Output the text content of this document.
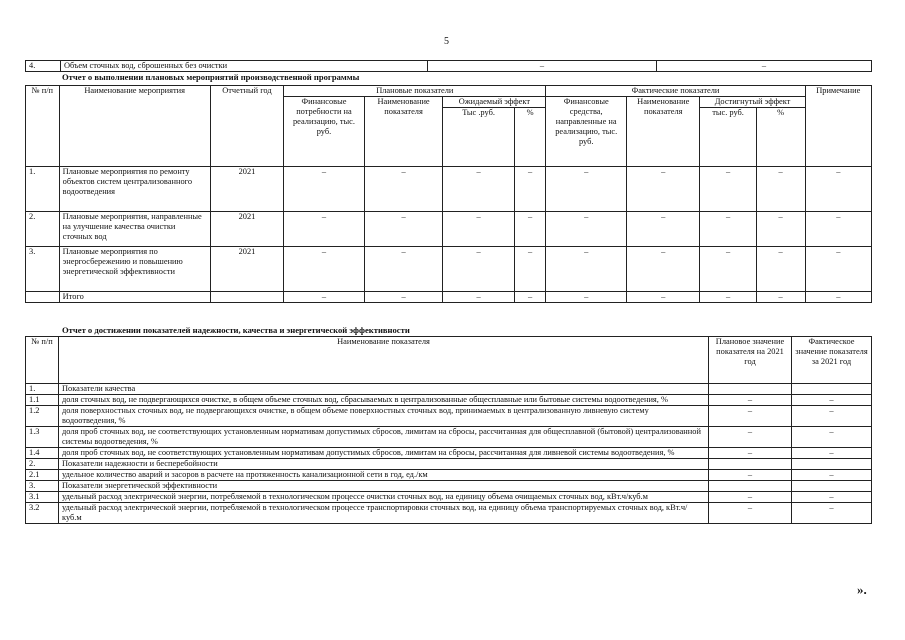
5
4.	Объем сточных вод, сброшенных без очистки	–	–
Отчет о выполнении плановых мероприятий производственной программы
№ п/п	Наименование мероприятия	Отчетный год	Плановые показатели				Фактические показатели				Примечание
			Финансовые потребности на реализацию, тыс. руб.	Наименование показателя	Ожидаемый эффект		Финансовые средства, направленные на реализацию, тыс. руб.	Наименование показателя	Достигнутый эффект		
					Тыс .руб.	%			тыс. руб.	%	
1.	Плановые мероприятия по ремонту объектов систем централизованного водоотведения	2021	–	–	–	–	–	–	–	–	–
2.	Плановые мероприятия, направленные на улучшение качества очистки сточных вод	2021	–	–	–	–	–	–	–	–	–
3.	Плановые мероприятия по энергосбережению и повышению энергетической эффективности	2021	–	–	–	–	–	–	–	–	–
	Итого		–	–	–	–	–	–	–	–	–
Отчет о достижении показателей надежности, качества и энергетической эффективности
№ п/п	Наименование показателя	Плановое значение показателя на 2021 год	Фактическое значение показателя за 2021 год
1.	Показатели качества		
1.1	доля сточных вод, не подвергающихся очистке, в общем объеме сточных вод, сбрасываемых в централизованные общесплавные или бытовые системы водоотведения, %	–	–
1.2	доля поверхностных сточных вод, не подвергающихся очистке, в общем объеме поверхностных сточных вод, принимаемых в централизованную ливневую систему водоотведения, %	–	–
1.3	доля проб сточных вод, не соответствующих установленным нормативам допустимых сбросов, лимитам на сбросы, рассчитанная для общесплавной (бытовой) централизованной системы водоотведения, %	–	–
1.4	доля проб сточных вод, не соответствующих установленным нормативам допустимых сбросов, лимитам на сбросы, рассчитанная для ливневой системы водоотведения, %	–	–
2.	Показатели надежности и бесперебойности		
2.1	удельное количество аварий и засоров в расчете на протяженность канализационной сети в год, ед./км	–	–
3.	Показатели энергетической эффективности		
3.1	удельный расход электрической энергии, потребляемой в технологическом процессе очистки сточных вод, на единицу объема очищаемых сточных вод, кВт.ч/куб.м	–	–
3.2	удельный расход электрической энергии, потребляемой в технологическом процессе транспортировки сточных вод, на единицу объема транспортируемых сточных вод, кВт.ч/куб.м	–	–
».
